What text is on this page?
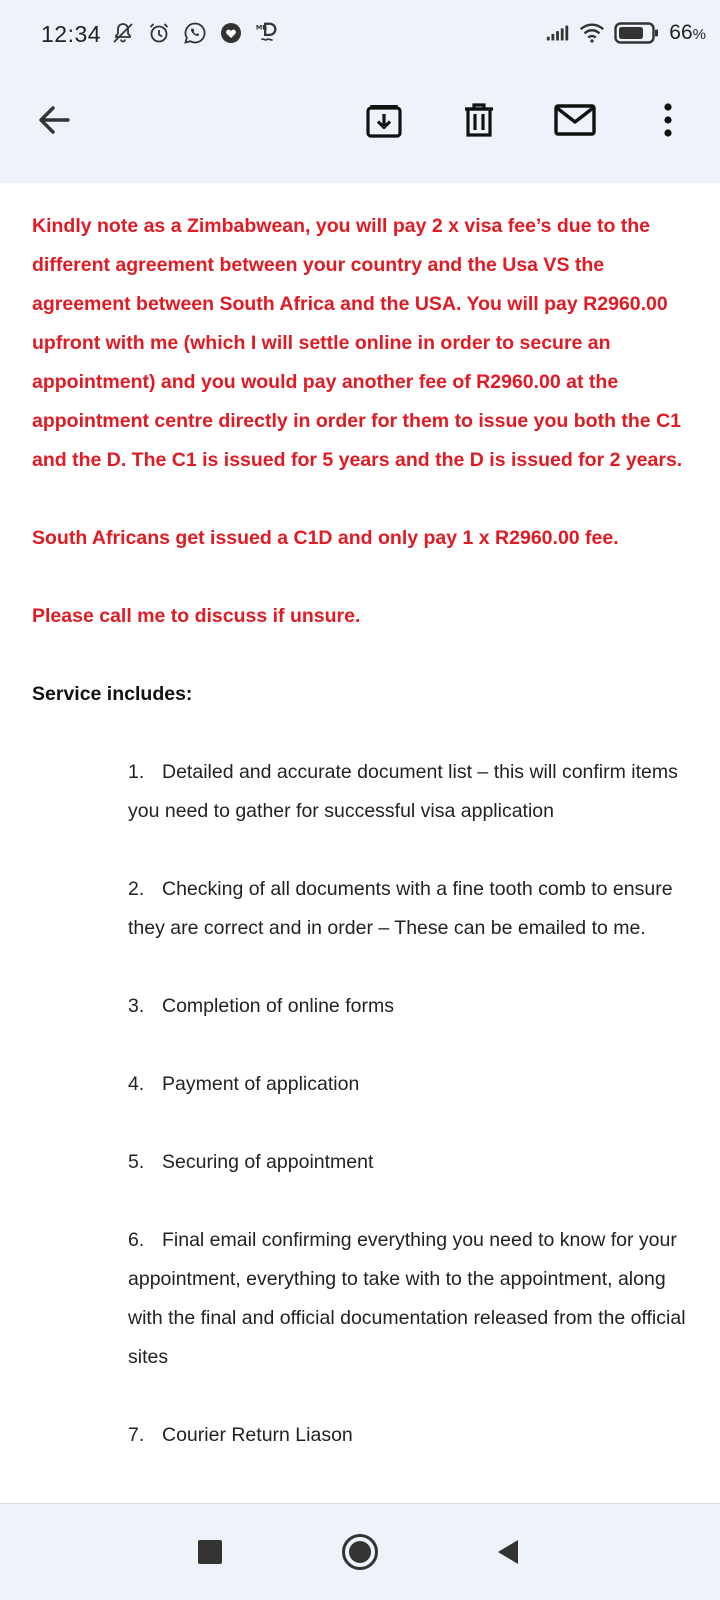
12:34	MR	66%

Kindly note as a Zimbabwean, you will pay 2 x visa fee’s due to the different agreement between your country and the Usa VS the agreement between South Africa and the USA. You will pay R2960.00 upfront with me (which I will settle online in order to secure an appointment) and you would pay another fee of R2960.00 at the appointment centre directly in order for them to issue you both the C1 and the D. The C1 is issued for 5 years and the D is issued for 2 years.

South Africans get issued a C1D and only pay 1 x R2960.00 fee.

Please call me to discuss if unsure.

Service includes:

1. Detailed and accurate document list – this will confirm items you need to gather for successful visa application
2. Checking of all documents with a fine tooth comb to ensure they are correct and in order – These can be emailed to me.
3. Completion of online forms
4. Payment of application
5. Securing of appointment
6. Final email confirming everything you need to know for your appointment, everything to take with to the appointment, along with the final and official documentation released from the official sites
7. Courier Return Liason
